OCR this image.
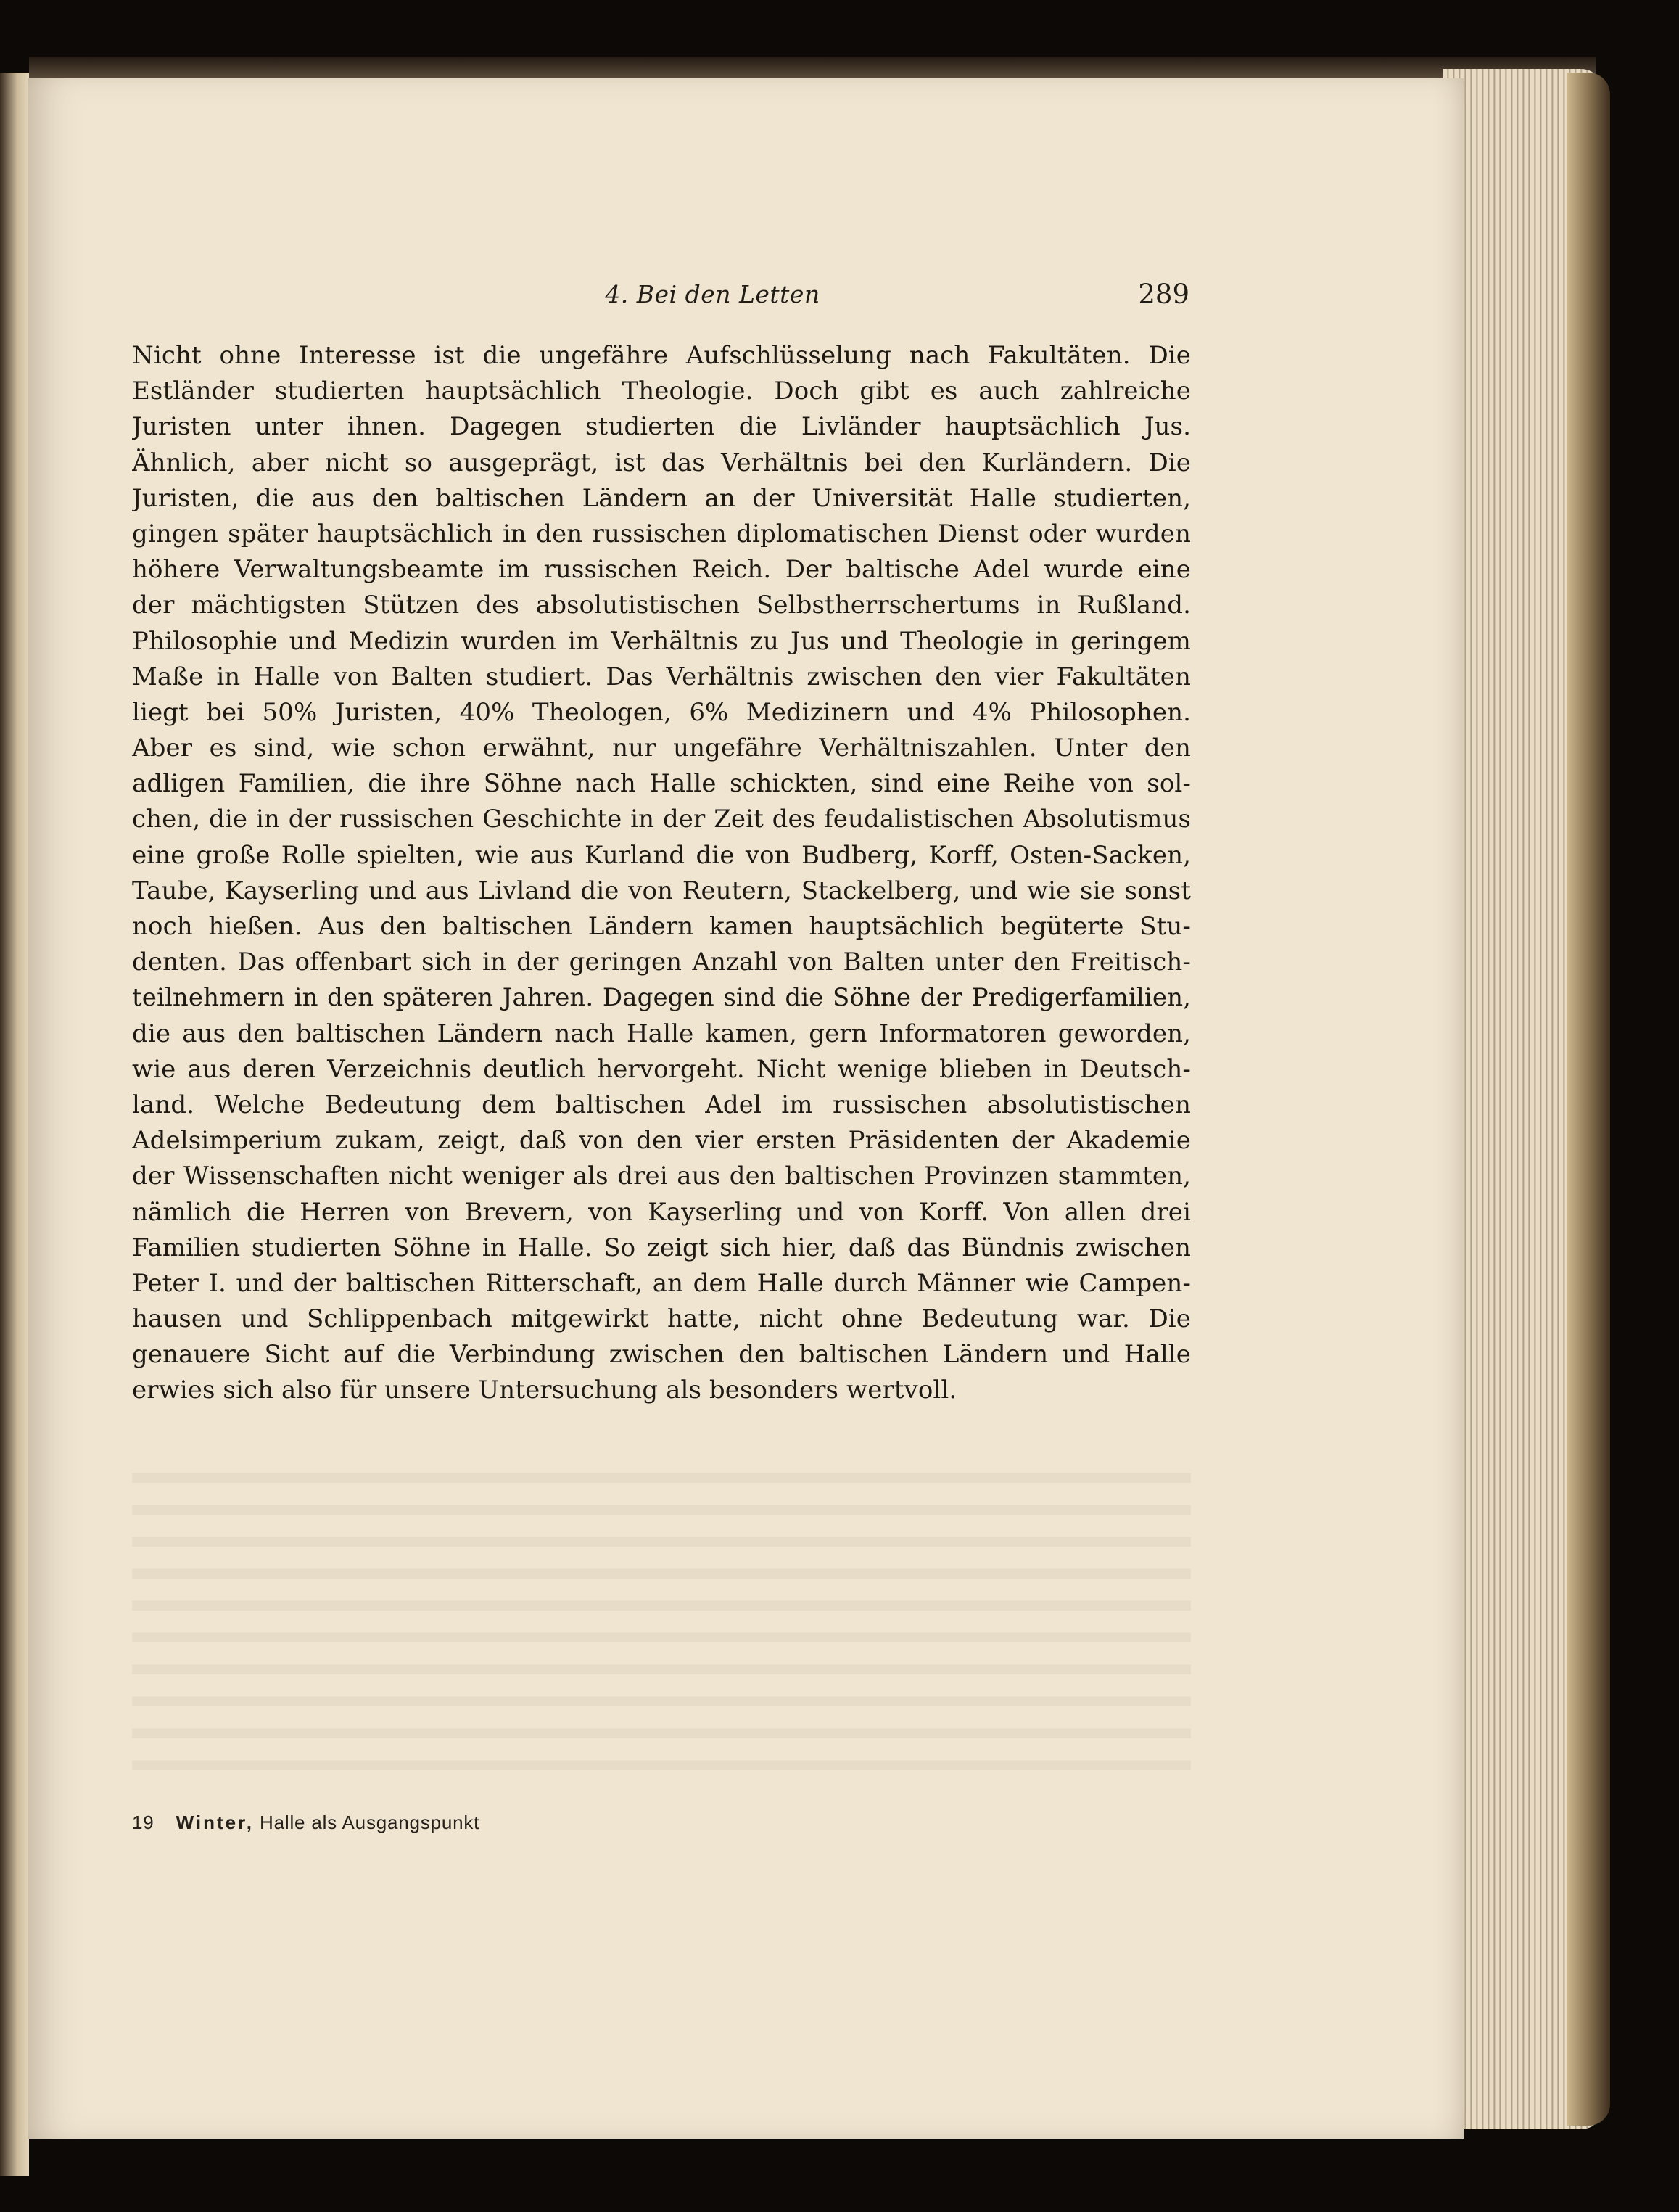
4. Bei den Letten	289
Nicht ohne Interesse ist die ungefähre Aufschlüsselung nach Fakultäten. Die
Estländer studierten hauptsächlich Theologie. Doch gibt es auch zahlreiche
Juristen unter ihnen. Dagegen studierten die Livländer hauptsächlich Jus.
Ähnlich, aber nicht so ausgeprägt, ist das Verhältnis bei den Kurländern. Die
Juristen, die aus den baltischen Ländern an der Universität Halle studierten,
gingen später hauptsächlich in den russischen diplomatischen Dienst oder wurden
höhere Verwaltungsbeamte im russischen Reich. Der baltische Adel wurde eine
der mächtigsten Stützen des absolutistischen Selbstherrschertums in Rußland.
Philosophie und Medizin wurden im Verhältnis zu Jus und Theologie in geringem
Maße in Halle von Balten studiert. Das Verhältnis zwischen den vier Fakultäten
liegt bei 50% Juristen, 40% Theologen, 6% Medizinern und 4% Philosophen.
Aber es sind, wie schon erwähnt, nur ungefähre Verhältniszahlen. Unter den
adligen Familien, die ihre Söhne nach Halle schickten, sind eine Reihe von sol-
chen, die in der russischen Geschichte in der Zeit des feudalistischen Absolutismus
eine große Rolle spielten, wie aus Kurland die von Budberg, Korff, Osten-Sacken,
Taube, Kayserling und aus Livland die von Reutern, Stackelberg, und wie sie sonst
noch hießen. Aus den baltischen Ländern kamen hauptsächlich begüterte Stu-
denten. Das offenbart sich in der geringen Anzahl von Balten unter den Freitisch-
teilnehmern in den späteren Jahren. Dagegen sind die Söhne der Predigerfamilien,
die aus den baltischen Ländern nach Halle kamen, gern Informatoren geworden,
wie aus deren Verzeichnis deutlich hervorgeht. Nicht wenige blieben in Deutsch-
land. Welche Bedeutung dem baltischen Adel im russischen absolutistischen
Adelsimperium zukam, zeigt, daß von den vier ersten Präsidenten der Akademie
der Wissenschaften nicht weniger als drei aus den baltischen Provinzen stammten,
nämlich die Herren von Brevern, von Kayserling und von Korff. Von allen drei
Familien studierten Söhne in Halle. So zeigt sich hier, daß das Bündnis zwischen
Peter I. und der baltischen Ritterschaft, an dem Halle durch Männer wie Campen-
hausen und Schlippenbach mitgewirkt hatte, nicht ohne Bedeutung war. Die
genauere Sicht auf die Verbindung zwischen den baltischen Ländern und Halle
erwies sich also für unsere Untersuchung als besonders wertvoll.
19 Winter, Halle als Ausgangspunkt
